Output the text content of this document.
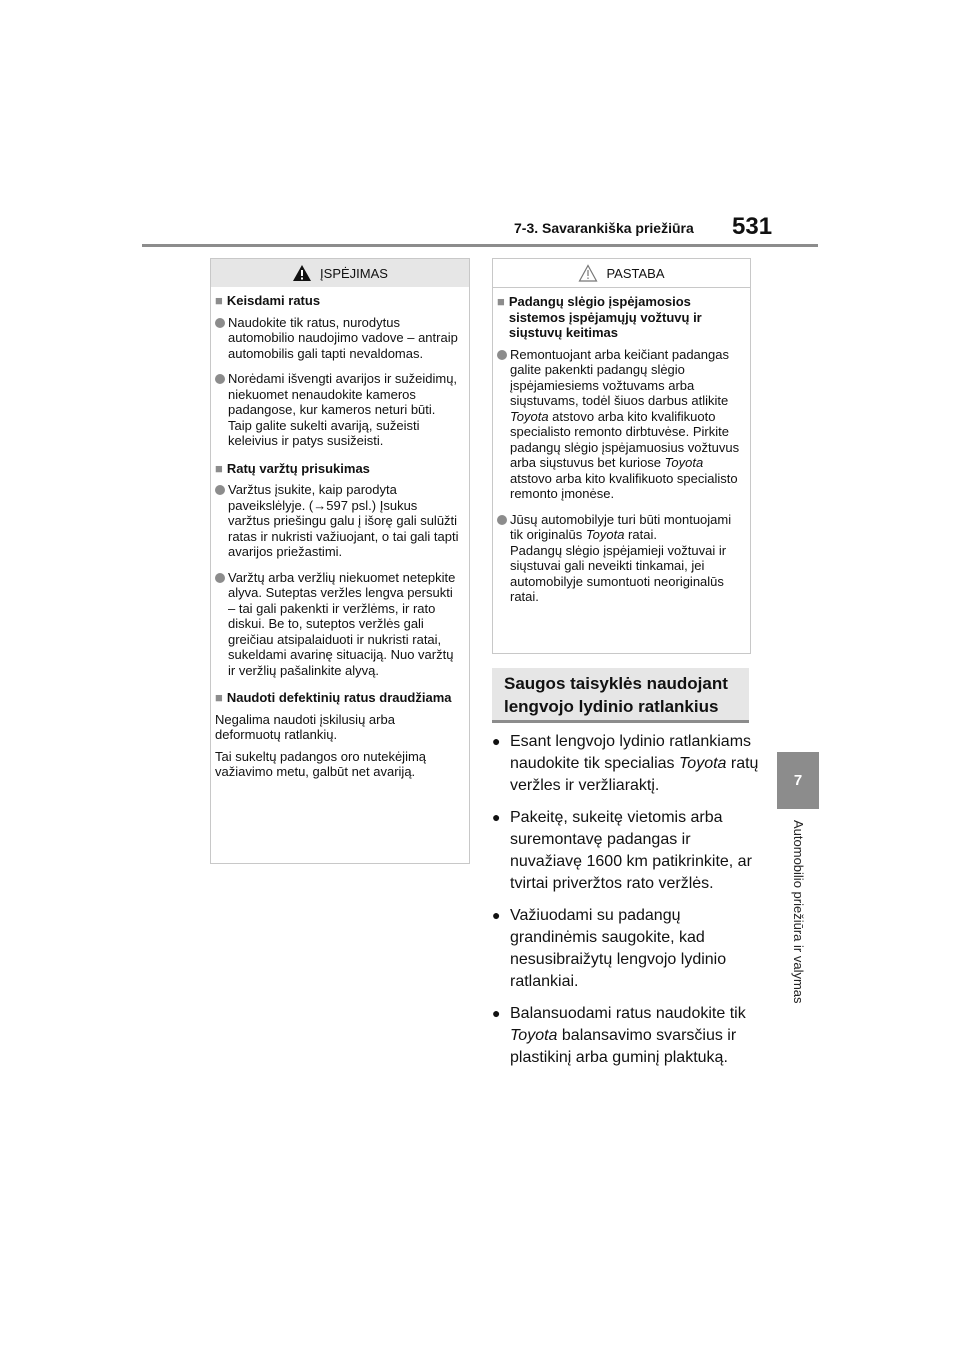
7-3. Savarankiška priežiūra 531
7
Automobilio priežiūra ir valymas
ĮSPĖJIMAS
■ Keisdami ratus
Naudokite tik ratus, nurodytus automobilio naudojimo vadove – antraip automobilis gali tapti nevaldomas.
Norėdami išvengti avarijos ir sužeidimų, niekuomet nenaudokite kameros padangose, kur kameros neturi būti. Taip galite sukelti avariją, sužeisti keleivius ir patys susižeisti.
■ Ratų varžtų prisukimas
Varžtus įsukite, kaip parodyta paveikslėlyje. (→597 psl.) Įsukus varžtus priešingu galu į išorę gali sulūžti ratas ir nukristi važiuojant, o tai gali tapti avarijos priežastimi.
Varžtų arba veržlių niekuomet netepkite alyva. Suteptas veržles lengva persukti – tai gali pakenkti ir veržlėms, ir rato diskui. Be to, suteptos veržlės gali greičiau atsipalaiduoti ir nukristi ratai, sukeldami avarinę situaciją. Nuo varžtų ir veržlių pašalinkite alyvą.
■ Naudoti defektinių ratus draudžiama
Negalima naudoti įskilusių arba deformuotų ratlankių.
Tai sukeltų padangos oro nutekėjimą važiavimo metu, galbūt net avariją.
PASTABA
■ Padangų slėgio įspėjamosios sistemos įspėjamųjų vožtuvų ir siųstuvų keitimas
Remontuojant arba keičiant padangas galite pakenkti padangų slėgio įspėjamiesiems vožtuvams arba siųstuvams, todėl šiuos darbus atlikite Toyota atstovo arba kito kvalifikuoto specialisto remonto dirbtuvėse. Pirkite padangų slėgio įspėjamuosius vožtuvus arba siųstuvus bet kuriose Toyota atstovo arba kito kvalifikuoto specialisto remonto įmonėse.
Jūsų automobilyje turi būti montuojami tik originalūs Toyota ratai.
Padangų slėgio įspėjamieji vožtuvai ir siųstuvai gali neveikti tinkamai, jei automobilyje sumontuoti neoriginalūs ratai.
Saugos taisyklės naudojant lengvojo lydinio ratlankius
● Esant lengvojo lydinio ratlankiams naudokite tik specialias Toyota ratų veržles ir veržliaraktį.
● Pakeitę, sukeitę vietomis arba suremontavę padangas ir nuvažiavę 1600 km patikrinkite, ar tvirtai priveržtos rato veržlės.
● Važiuodami su padangų grandinėmis saugokite, kad nesusibraižytų lengvojo lydinio ratlankiai.
● Balansuodami ratus naudokite tik Toyota balansavimo svarsčius ir plastikinį arba guminį plaktuką.
